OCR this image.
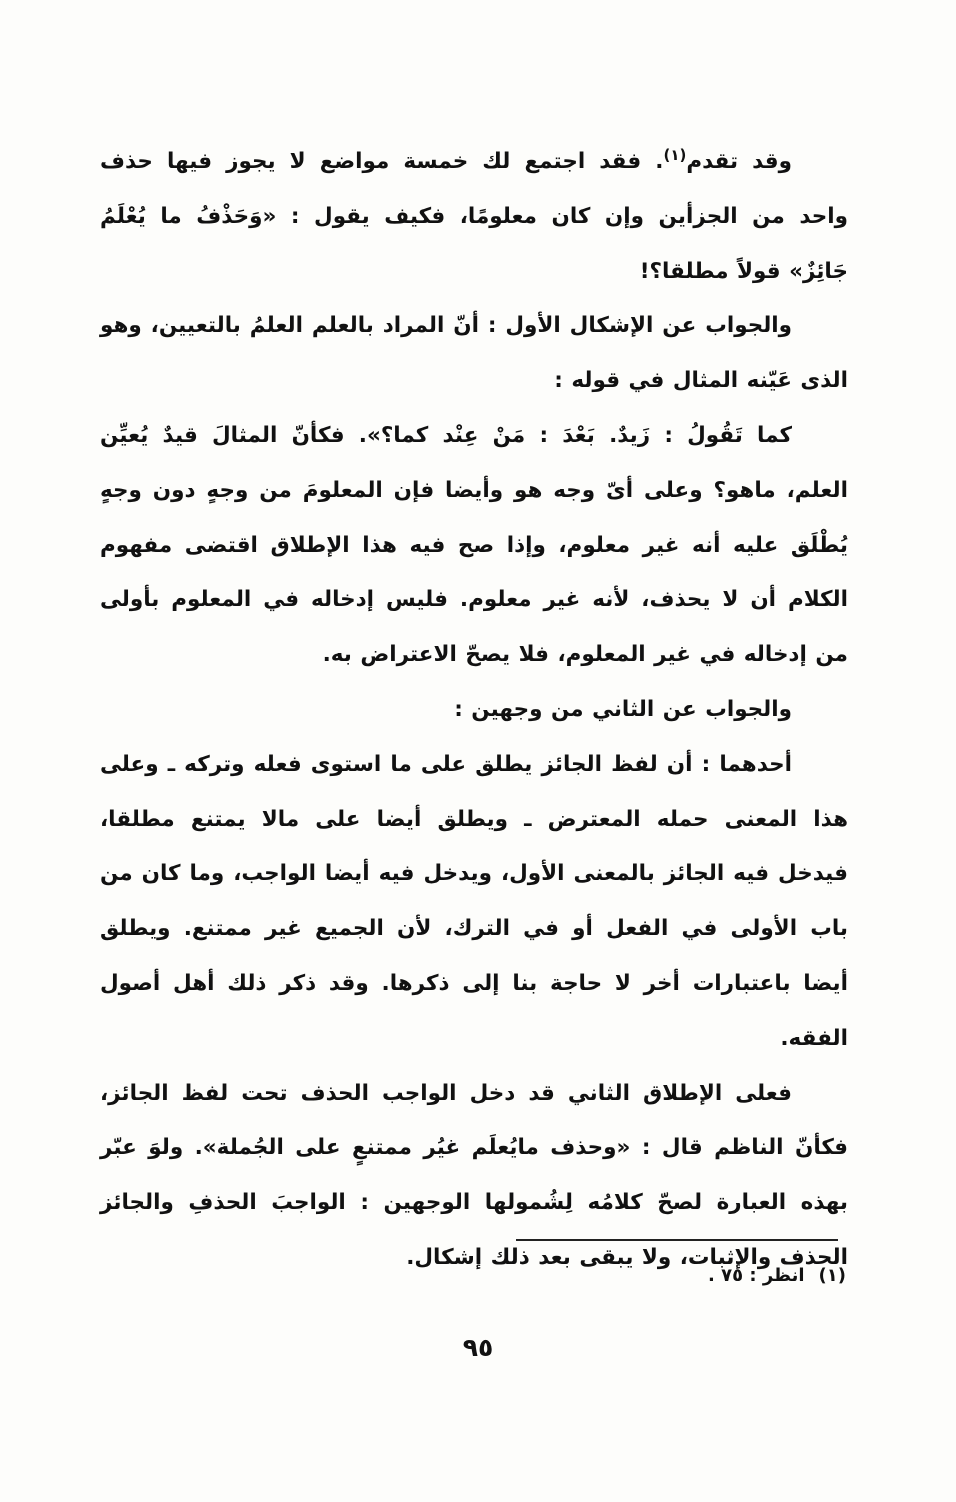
وقد تقدم$^{(١)}$. فقد اجتمع لك خمسة مواضع لا يجوز فيها حذف واحد من الجزأين وإن كان معلومًا، فكيف يقول : «وَحَذْفُ ما يُعْلَمُ جَائِزٌ» قولاً مطلقا؟!

والجواب عن الإشكال الأول : أنّ المراد بالعلم العلمُ بالتعيين، وهو الذى عَيّنه المثال في قوله :

كما تَقُولُ : زَيدٌ. بَعْدَ : مَنْ عِنْد كما؟». فكأنّ المثالَ قيدٌ يُعيِّن العلم، ماهو؟ وعلى أىّ وجه هو وأيضا فإن المعلومَ من وجهٍ دون وجهٍ يُطْلَق عليه أنه غير معلوم، وإذا صح فيه هذا الإطلاق اقتضى مفهوم الكلام أن لا يحذف، لأنه غير معلوم. فليس إدخاله في المعلوم بأولى من إدخاله في غير المعلوم، فلا يصحّ الاعتراض به.

والجواب عن الثاني من وجهين :

أحدهما : أن لفظ الجائز يطلق على ما استوى فعله وتركه ـ وعلى هذا المعنى حمله المعترض ـ ويطلق أيضا على مالا يمتنع مطلقا، فيدخل فيه الجائز بالمعنى الأول، ويدخل فيه أيضا الواجب، وما كان من باب الأولى في الفعل أو في الترك، لأن الجميع غير ممتنع. ويطلق أيضا باعتبارات أخر لا حاجة بنا إلى ذكرها. وقد ذكر ذلك أهل أصول الفقه.

فعلى الإطلاق الثاني قد دخل الواجب الحذف تحت لفظ الجائز، فكأنّ الناظم قال : «وحذف مايُعلَم غيُر ممتنعٍ على الجُملة». ولوَ عبّر بهذه العبارة لصحّ كلامُه لِشُمولها الوجهين : الواجبَ الحذفِ والجائز الحذف والإثبات، ولا يبقى بعد ذلك إشكال.

(١)انظر : ٧٥ .
٩٥
